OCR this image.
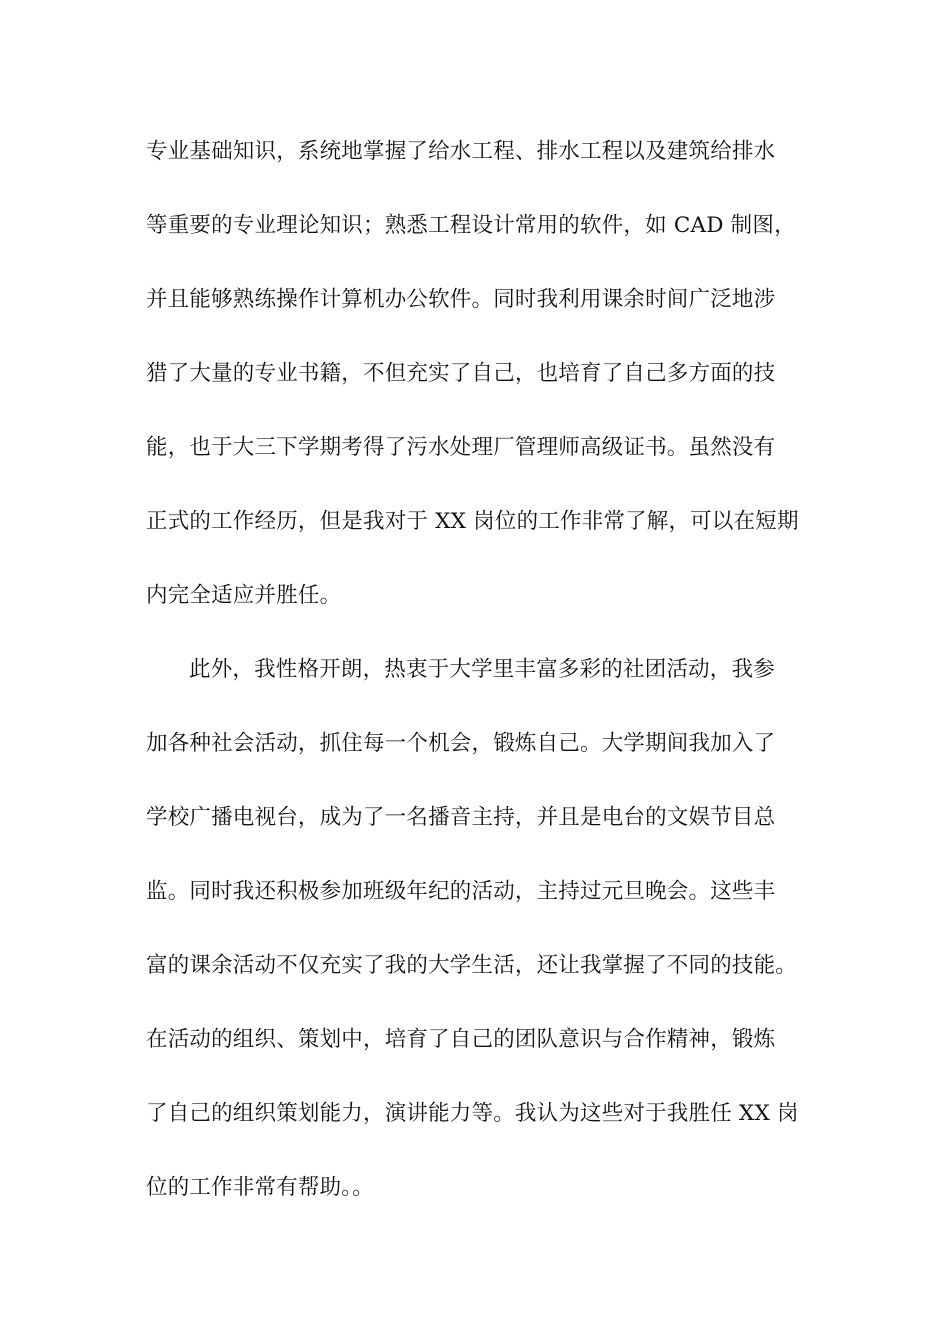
专业基础知识，系统地掌握了给水工程、排水工程以及建筑给排水
等重要的专业理论知识；熟悉工程设计常用的软件，如 CAD 制图，
并且能够熟练操作计算机办公软件。同时我利用课余时间广泛地涉
猎了大量的专业书籍，不但充实了自己，也培育了自己多方面的技
能，也于大三下学期考得了污水处理厂管理师高级证书。虽然没有
正式的工作经历，但是我对于 XX 岗位的工作非常了解，可以在短期
内完全适应并胜任。
此外，我性格开朗，热衷于大学里丰富多彩的社团活动，我参
加各种社会活动，抓住每一个机会，锻炼自己。大学期间我加入了
学校广播电视台，成为了一名播音主持，并且是电台的文娱节目总
监。同时我还积极参加班级年纪的活动，主持过元旦晚会。这些丰
富的课余活动不仅充实了我的大学生活，还让我掌握了不同的技能。
在活动的组织、策划中，培育了自己的团队意识与合作精神，锻炼
了自己的组织策划能力，演讲能力等。我认为这些对于我胜任 XX 岗
位的工作非常有帮助。。
